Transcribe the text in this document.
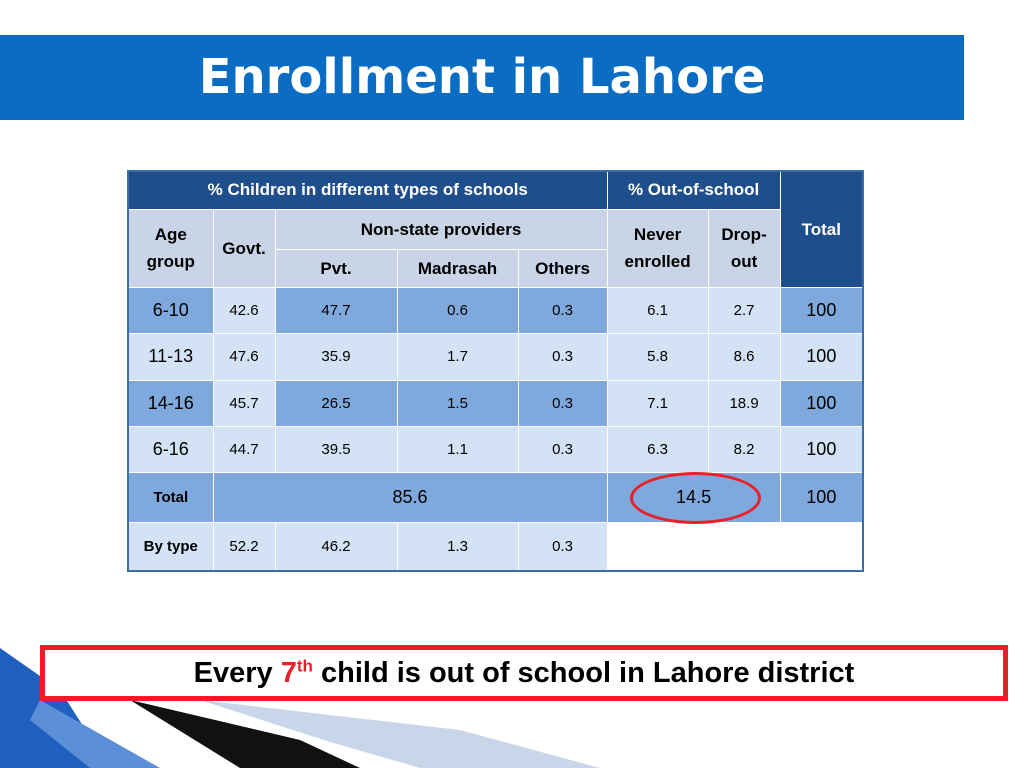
Enrollment in Lahore
% Children in different types of schools					% Out-of-school		Total
Age group	Govt.	Non-state providers			Never enrolled	Drop-out	
		Pvt.	Madrasah	Others			
6-10	42.6	47.7	0.6	0.3	6.1	2.7	100
11-13	47.6	35.9	1.7	0.3	5.8	8.6	100
14-16	45.7	26.5	1.5	0.3	7.1	18.9	100
6-16	44.7	39.5	1.1	0.3	6.3	8.2	100
Total	85.6				14.5		100
By type	52.2	46.2	1.3	0.3			
Every 7th child is out of school in Lahore district
